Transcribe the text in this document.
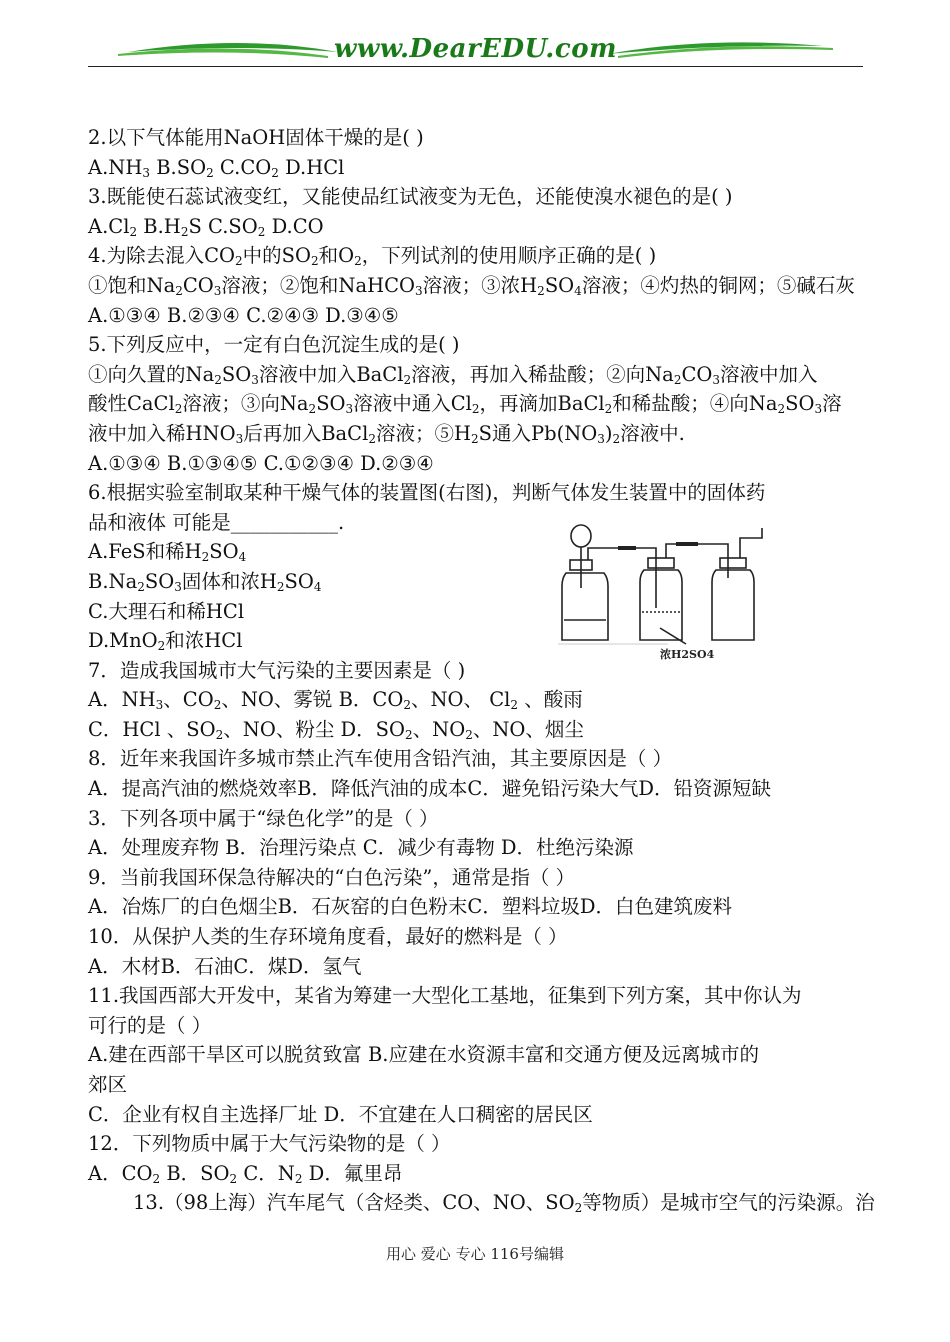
www.DearEDU.com
2.以下气体能用NaOH固体干燥的是( )
$A.NH_3$ $B.SO_2$ $C.CO_2$ D.HCl
3.既能使石蕊试液变红，又能使品红试液变为无色，还能使溴水褪色的是( )
$A.Cl_2$ $B.H_2S$ $C.SO_2$ D.CO
4.为除去混入$CO_2$中的$SO_2$和$O_2$，下列试剂的使用顺序正确的是( )
①饱和$Na_2CO_3$溶液；②饱和NaHCO$_3$溶液；③浓$H_2SO_4$溶液；④灼热的铜网；⑤碱石灰
A.①③④ B.②③④ C.②④③ D.③④⑤
5.下列反应中，一定有白色沉淀生成的是( )
①向久置的$Na_2SO_3$溶液中加入BaCl$_2$溶液，再加入稀盐酸；②向$Na_2CO_3$溶液中加入
酸性CaCl$_2$溶液；③向$Na_2SO_3$溶液中通入$Cl_2$，再滴加BaCl$_2$和稀盐酸；④向$Na_2SO_3$溶
液中加入稀$HNO_3$后再加入BaCl$_2$溶液；$⑤H_2S$通入$Pb(NO_3)_2$溶液中.
A.①③④ B.①③④⑤ C.①②③④ D.②③④
6.根据实验室制取某种干燥气体的装置图(右图)，判断气体发生装置中的固体药
品和液体 可能是___________.
A.FeS和稀$H_2SO_4$
$B.Na_2SO_3$固体和浓$H_2SO_4$
C.大理石和稀HCl
D.MnO$_2$和浓HCl
7．造成我国城市大气污染的主要因素是（ )
A．$NH_3$、$CO_2$、NO、雾锐 B．$CO_2$、NO、 $Cl_2$ 、酸雨
C．HCl 、$SO_2$、NO、粉尘 D．$SO_2$、$NO_2$、NO、烟尘
8．近年来我国许多城市禁止汽车使用含铅汽油，其主要原因是（ ）
A．提高汽油的燃烧效率B．降低汽油的成本C．避免铅污染大气D．铅资源短缺
3．下列各项中属于“绿色化学”的是（ ）
A．处理废弃物 B．治理污染点 C．减少有毒物 D．杜绝污染源
9．当前我国环保急待解决的“白色污染”，通常是指（ ）
A．冶炼厂的白色烟尘B．石灰窑的白色粉末C．塑料垃圾D．白色建筑废料
10．从保护人类的生存环境角度看，最好的燃料是（ ）
A．木材B．石油C．煤D．氢气
11.我国西部大开发中，某省为筹建一大型化工基地，征集到下列方案，其中你认为
可行的是（ ）
A.建在西部干旱区可以脱贫致富 B.应建在水资源丰富和交通方便及远离城市的
郊区
C．企业有权自主选择厂址 D．不宜建在人口稠密的居民区
12．下列物质中属于大气污染物的是（ ）
A．$CO_2$ B．$SO_2$ C．$N_2$ D．氟里昂
13.（98上海）汽车尾气（含烃类、CO、NO、$SO_2$等物质）是城市空气的污染源。治
浓H2SO4
用心 爱心 专心 116号编辑
